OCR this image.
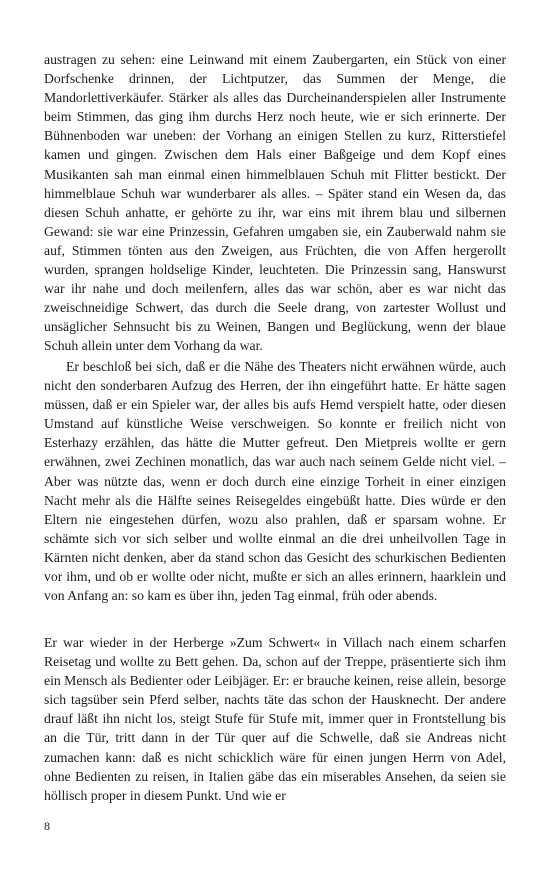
austragen zu sehen: eine Leinwand mit einem Zaubergarten, ein Stück von einer Dorfschenke drinnen, der Lichtputzer, das Summen der Menge, die Mandorlettiverkäufer. Stärker als alles das Durcheinanderspielen aller Instrumente beim Stimmen, das ging ihm durchs Herz noch heute, wie er sich erinnerte. Der Bühnenboden war uneben: der Vorhang an einigen Stellen zu kurz, Ritterstiefel kamen und gingen. Zwischen dem Hals einer Baßgeige und dem Kopf eines Musikanten sah man einmal einen himmelblauen Schuh mit Flitter bestickt. Der himmelblaue Schuh war wunderbarer als alles. – Später stand ein Wesen da, das diesen Schuh anhatte, er gehörte zu ihr, war eins mit ihrem blau und silbernen Gewand: sie war eine Prinzessin, Gefahren umgaben sie, ein Zauberwald nahm sie auf, Stimmen tönten aus den Zweigen, aus Früchten, die von Affen hergerollt wurden, sprangen holdselige Kinder, leuchteten. Die Prinzessin sang, Hanswurst war ihr nahe und doch meilenfern, alles das war schön, aber es war nicht das zweischneidige Schwert, das durch die Seele drang, von zartester Wollust und unsäglicher Sehnsucht bis zu Weinen, Bangen und Beglückung, wenn der blaue Schuh allein unter dem Vorhang da war.

Er beschloß bei sich, daß er die Nähe des Theaters nicht erwähnen würde, auch nicht den sonderbaren Aufzug des Herren, der ihn eingeführt hatte. Er hätte sagen müssen, daß er ein Spieler war, der alles bis aufs Hemd verspielt hatte, oder diesen Umstand auf künstliche Weise verschweigen. So konnte er freilich nicht von Esterhazy erzählen, das hätte die Mutter gefreut. Den Mietpreis wollte er gern erwähnen, zwei Zechinen monatlich, das war auch nach seinem Gelde nicht viel. – Aber was nützte das, wenn er doch durch eine einzige Torheit in einer einzigen Nacht mehr als die Hälfte seines Reisegeldes eingebüßt hatte. Dies würde er den Eltern nie eingestehen dürfen, wozu also prahlen, daß er sparsam wohne. Er schämte sich vor sich selber und wollte einmal an die drei unheilvollen Tage in Kärnten nicht denken, aber da stand schon das Gesicht des schurkischen Bedienten vor ihm, und ob er wollte oder nicht, mußte er sich an alles erinnern, haarklein und von Anfang an: so kam es über ihn, jeden Tag einmal, früh oder abends.

Er war wieder in der Herberge »Zum Schwert« in Villach nach einem scharfen Reisetag und wollte zu Bett gehen. Da, schon auf der Treppe, präsentierte sich ihm ein Mensch als Bedienter oder Leibjäger. Er: er brauche keinen, reise allein, besorge sich tagsüber sein Pferd selber, nachts täte das schon der Hausknecht. Der andere drauf läßt ihn nicht los, steigt Stufe für Stufe mit, immer quer in Frontstellung bis an die Tür, tritt dann in der Tür quer auf die Schwelle, daß sie Andreas nicht zumachen kann: daß es nicht schicklich wäre für einen jungen Herrn von Adel, ohne Bedienten zu reisen, in Italien gäbe das ein miserables Ansehen, da seien sie höllisch proper in diesem Punkt. Und wie er

8
